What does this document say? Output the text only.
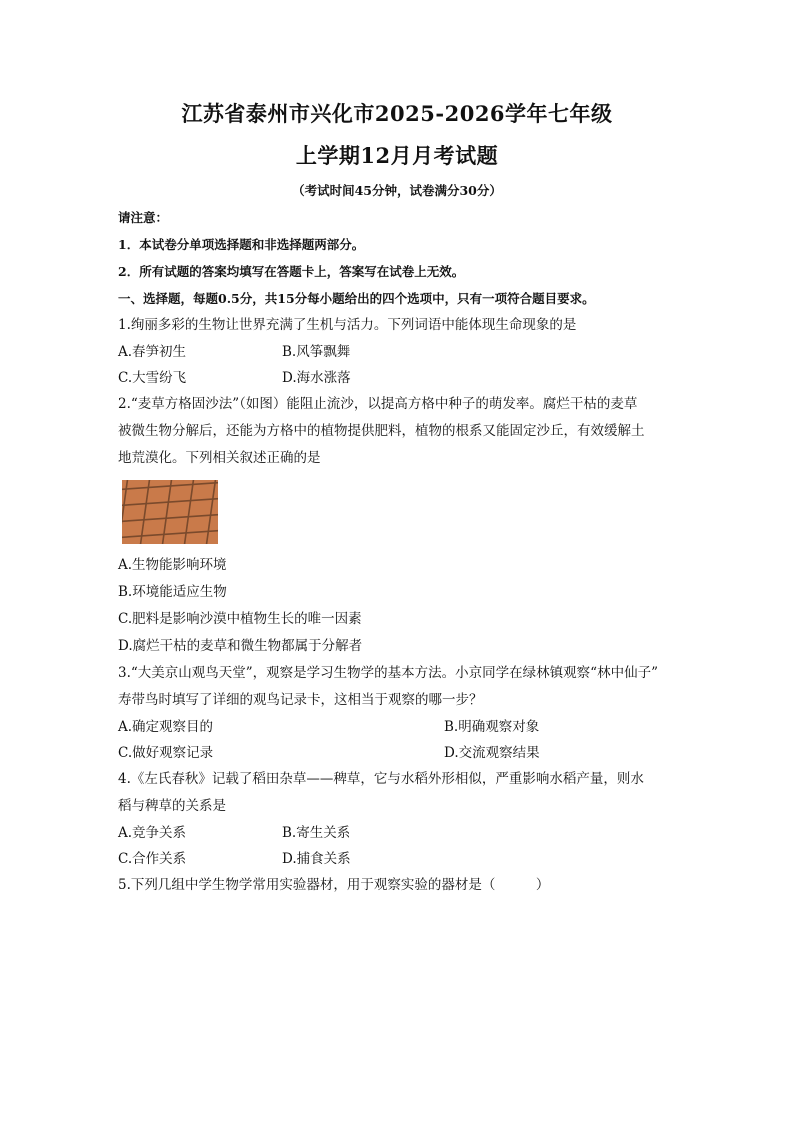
江苏省泰州市兴化市2025-2026学年七年级
上学期12月月考试题
（考试时间45分钟，试卷满分30分）
请注意：
1．本试卷分单项选择题和非选择题两部分。
2．所有试题的答案均填写在答题卡上，答案写在试卷上无效。
一、选择题，每题0.5分，共15分每小题给出的四个选项中，只有一项符合题目要求。
1.绚丽多彩的生物让世界充满了生机与活力。下列词语中能体现生命现象的是
A.春笋初生	B.风筝飘舞
C.大雪纷飞	D.海水涨落
2.“麦草方格固沙法”（如图）能阻止流沙，以提高方格中种子的萌发率。腐烂干枯的麦草
被微生物分解后，还能为方格中的植物提供肥料，植物的根系又能固定沙丘，有效缓解土
地荒漠化。下列相关叙述正确的是
A.生物能影响环境
B.环境能适应生物
C.肥料是影响沙漠中植物生长的唯一因素
D.腐烂干枯的麦草和微生物都属于分解者
3.“大美京山观鸟天堂”，观察是学习生物学的基本方法。小京同学在绿林镇观察“林中仙子”
寿带鸟时填写了详细的观鸟记录卡，这相当于观察的哪一步？
A.确定观察目的	B.明确观察对象
C.做好观察记录	D.交流观察结果
4.《左氏春秋》记载了稻田杂草——稗草，它与水稻外形相似，严重影响水稻产量，则水
稻与稗草的关系是
A.竞争关系	B.寄生关系
C.合作关系	D.捕食关系
5.下列几组中学生物学常用实验器材，用于观察实验的器材是（　　　）
